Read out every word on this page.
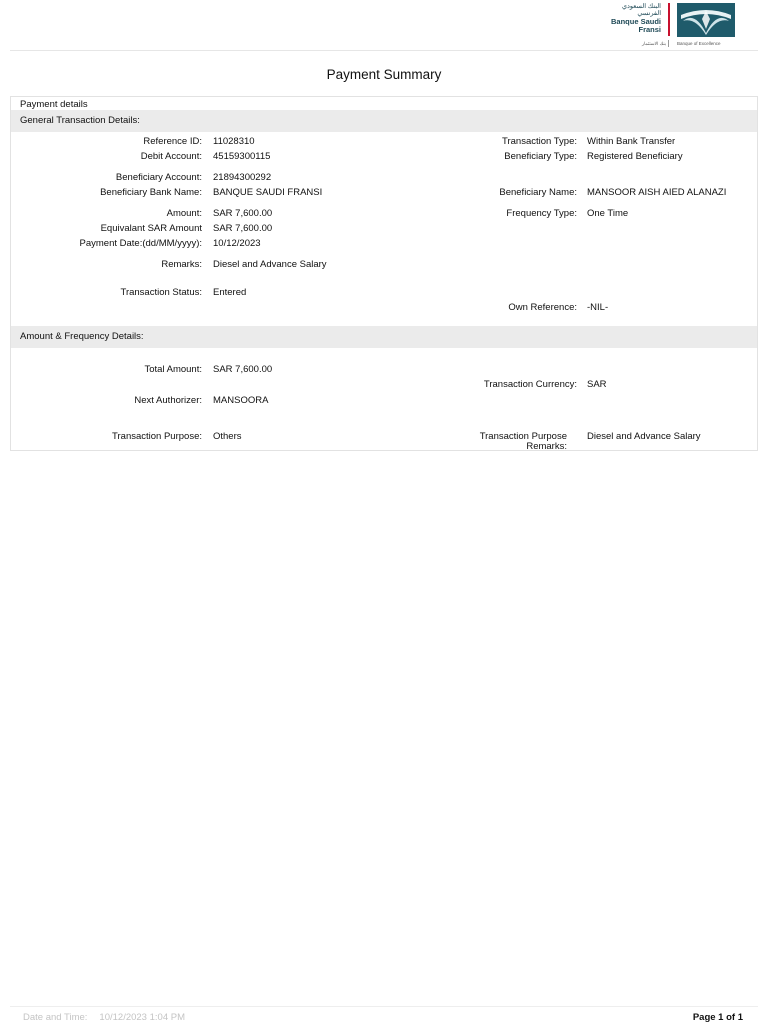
البنك السعودي الفرنسي
Banque Saudi Fransi
بنك الاستثمار Banque of Excellence
Payment Summary
Payment details
General Transaction Details:
Reference ID: 11028310
Debit Account: 45159300115
Beneficiary Account: 21894300292
Beneficiary Bank Name: BANQUE SAUDI FRANSI
Amount: SAR 7,600.00
Equivalant SAR Amount SAR 7,600.00
Payment Date:(dd/MM/yyyy): 10/12/2023
Remarks: Diesel and Advance Salary
Transaction Status: Entered
Transaction Type: Within Bank Transfer
Beneficiary Type: Registered Beneficiary
Beneficiary Name: MANSOOR AISH AIED ALANAZI
Frequency Type: One Time
Own Reference: -NIL-
Amount & Frequency Details:
Total Amount: SAR 7,600.00
Transaction Currency: SAR
Next Authorizer: MANSOORA
Transaction Purpose: Others	Transaction Purpose Remarks:
Diesel and Advance Salary
Date and Time: 10/12/2023 1:04 PM	Page 1 of 1
